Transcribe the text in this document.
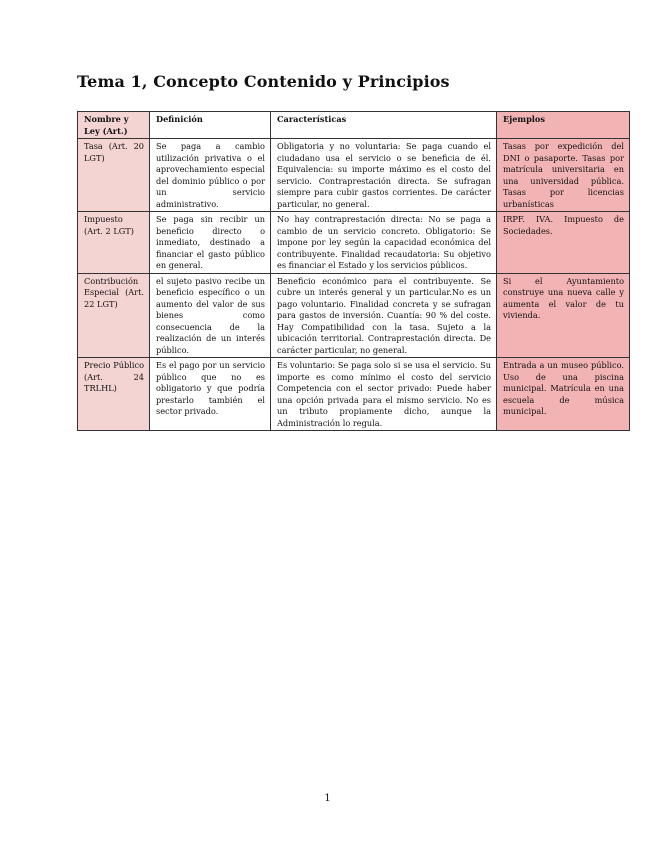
Tema 1, Concepto Contenido y Principios
Nombre y Ley (Art.)	Definición	Características	Ejemplos
Tasa (Art. 20 LGT)	Se paga a cambio utilización privativa o el aprovechamiento especial del dominio público o por un servicio administrativo.	Obligatoria y no voluntaria: Se paga cuando el ciudadano usa el servicio o se beneficia de él. Equivalencia: su importe máximo es el costo del servicio. Contraprestación directa. Se sufragan siempre para cubir gastos corrientes. De carácter particular, no general.	Tasas por expedición del DNI o pasaporte. Tasas por matrícula universitaria en una universidad pública. Tasas por licencias urbanísticas
Impuesto (Art. 2 LGT)	Se paga sin recibir un beneficio directo o inmediato, destinado a financiar el gasto público en general.	No hay contraprestación directa: No se paga a cambio de un servicio concreto. Obligatorio: Se impone por ley según la capacidad económica del contribuyente. Finalidad recaudatoria: Su objetivo es financiar el Estado y los servicios públicos.	IRPF. IVA. Impuesto de Sociedades.
Contribución Especial (Art. 22 LGT)	el sujeto pasivo recibe un beneficio específico o un aumento del valor de sus bienes como consecuencia de la realización de un interés público.	Beneficio económico para el contribuyente. Se cubre un interés general y un particular.No es un pago voluntario. Finalidad concreta y se sufragan para gastos de inversión. Cuantía: 90 % del coste. Hay Compatibilidad con la tasa. Sujeto a la ubicación territorial. Contraprestación directa. De carácter particular, no general.	Si el Ayuntamiento construye una nueva calle y aumenta el valor de tu vivienda.
Precio Público (Art. 24 TRLHL)	Es el pago por un servicio público que no es obligatorio y que podría prestarlo también el sector privado.	Es voluntario: Se paga solo si se usa el servicio. Su importe es como mínimo el costo del servicio Competencia con el sector privado: Puede haber una opción privada para el mismo servicio. No es un tributo propiamente dicho, aunque la Administración lo regula.	Entrada a un museo público. Uso de una piscina municipal. Matrícula en una escuela de música municipal.
1
